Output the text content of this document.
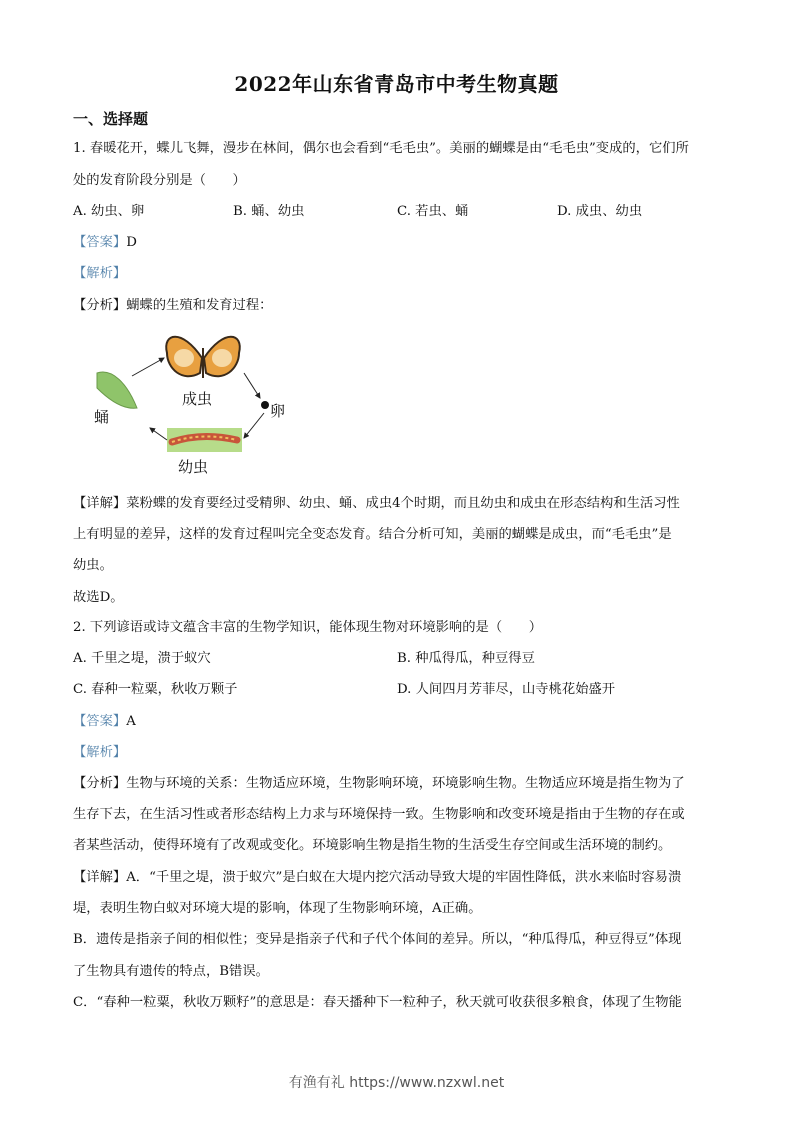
2022年山东省青岛市中考生物真题
一、选择题
1. 春暖花开，蝶儿飞舞，漫步在林间，偶尔也会看到“毛毛虫”。美丽的蝴蝶是由“毛毛虫”变成的，它们所
处的发育阶段分别是（　　）
A. 幼虫、卵	B. 蛹、幼虫	C. 若虫、蛹	D. 成虫、幼虫
【答案】D
【解析】
【分析】蝴蝶的生殖和发育过程：
成虫
卵
幼虫
蛹
【详解】菜粉蝶的发育要经过受精卵、幼虫、蛹、成虫4个时期，而且幼虫和成虫在形态结构和生活习性
上有明显的差异，这样的发育过程叫完全变态发育。结合分析可知，美丽的蝴蝶是成虫，而“毛毛虫”是
幼虫。
故选D。
2. 下列谚语或诗文蕴含丰富的生物学知识，能体现生物对环境影响的是（　　）
A. 千里之堤，溃于蚁穴	B. 种瓜得瓜，种豆得豆
C. 春种一粒粟，秋收万颗子	D. 人间四月芳菲尽，山寺桃花始盛开
【答案】A
【解析】
【分析】生物与环境的关系：生物适应环境，生物影响环境，环境影响生物。生物适应环境是指生物为了
生存下去，在生活习性或者形态结构上力求与环境保持一致。生物影响和改变环境是指由于生物的存在或
者某些活动，使得环境有了改观或变化。环境影响生物是指生物的生活受生存空间或生活环境的制约。
【详解】A．“千里之堤，溃于蚁穴”是白蚁在大堤内挖穴活动导致大堤的牢固性降低，洪水来临时容易溃
堤，表明生物白蚁对环境大堤的影响，体现了生物影响环境，A正确。
B．遗传是指亲子间的相似性；变异是指亲子代和子代个体间的差异。所以，“种瓜得瓜，种豆得豆”体现
了生物具有遗传的特点，B错误。
C．“春种一粒粟，秋收万颗籽”的意思是：春天播种下一粒种子，秋天就可收获很多粮食，体现了生物能
有渔有礼 https://www.nzxwl.net
